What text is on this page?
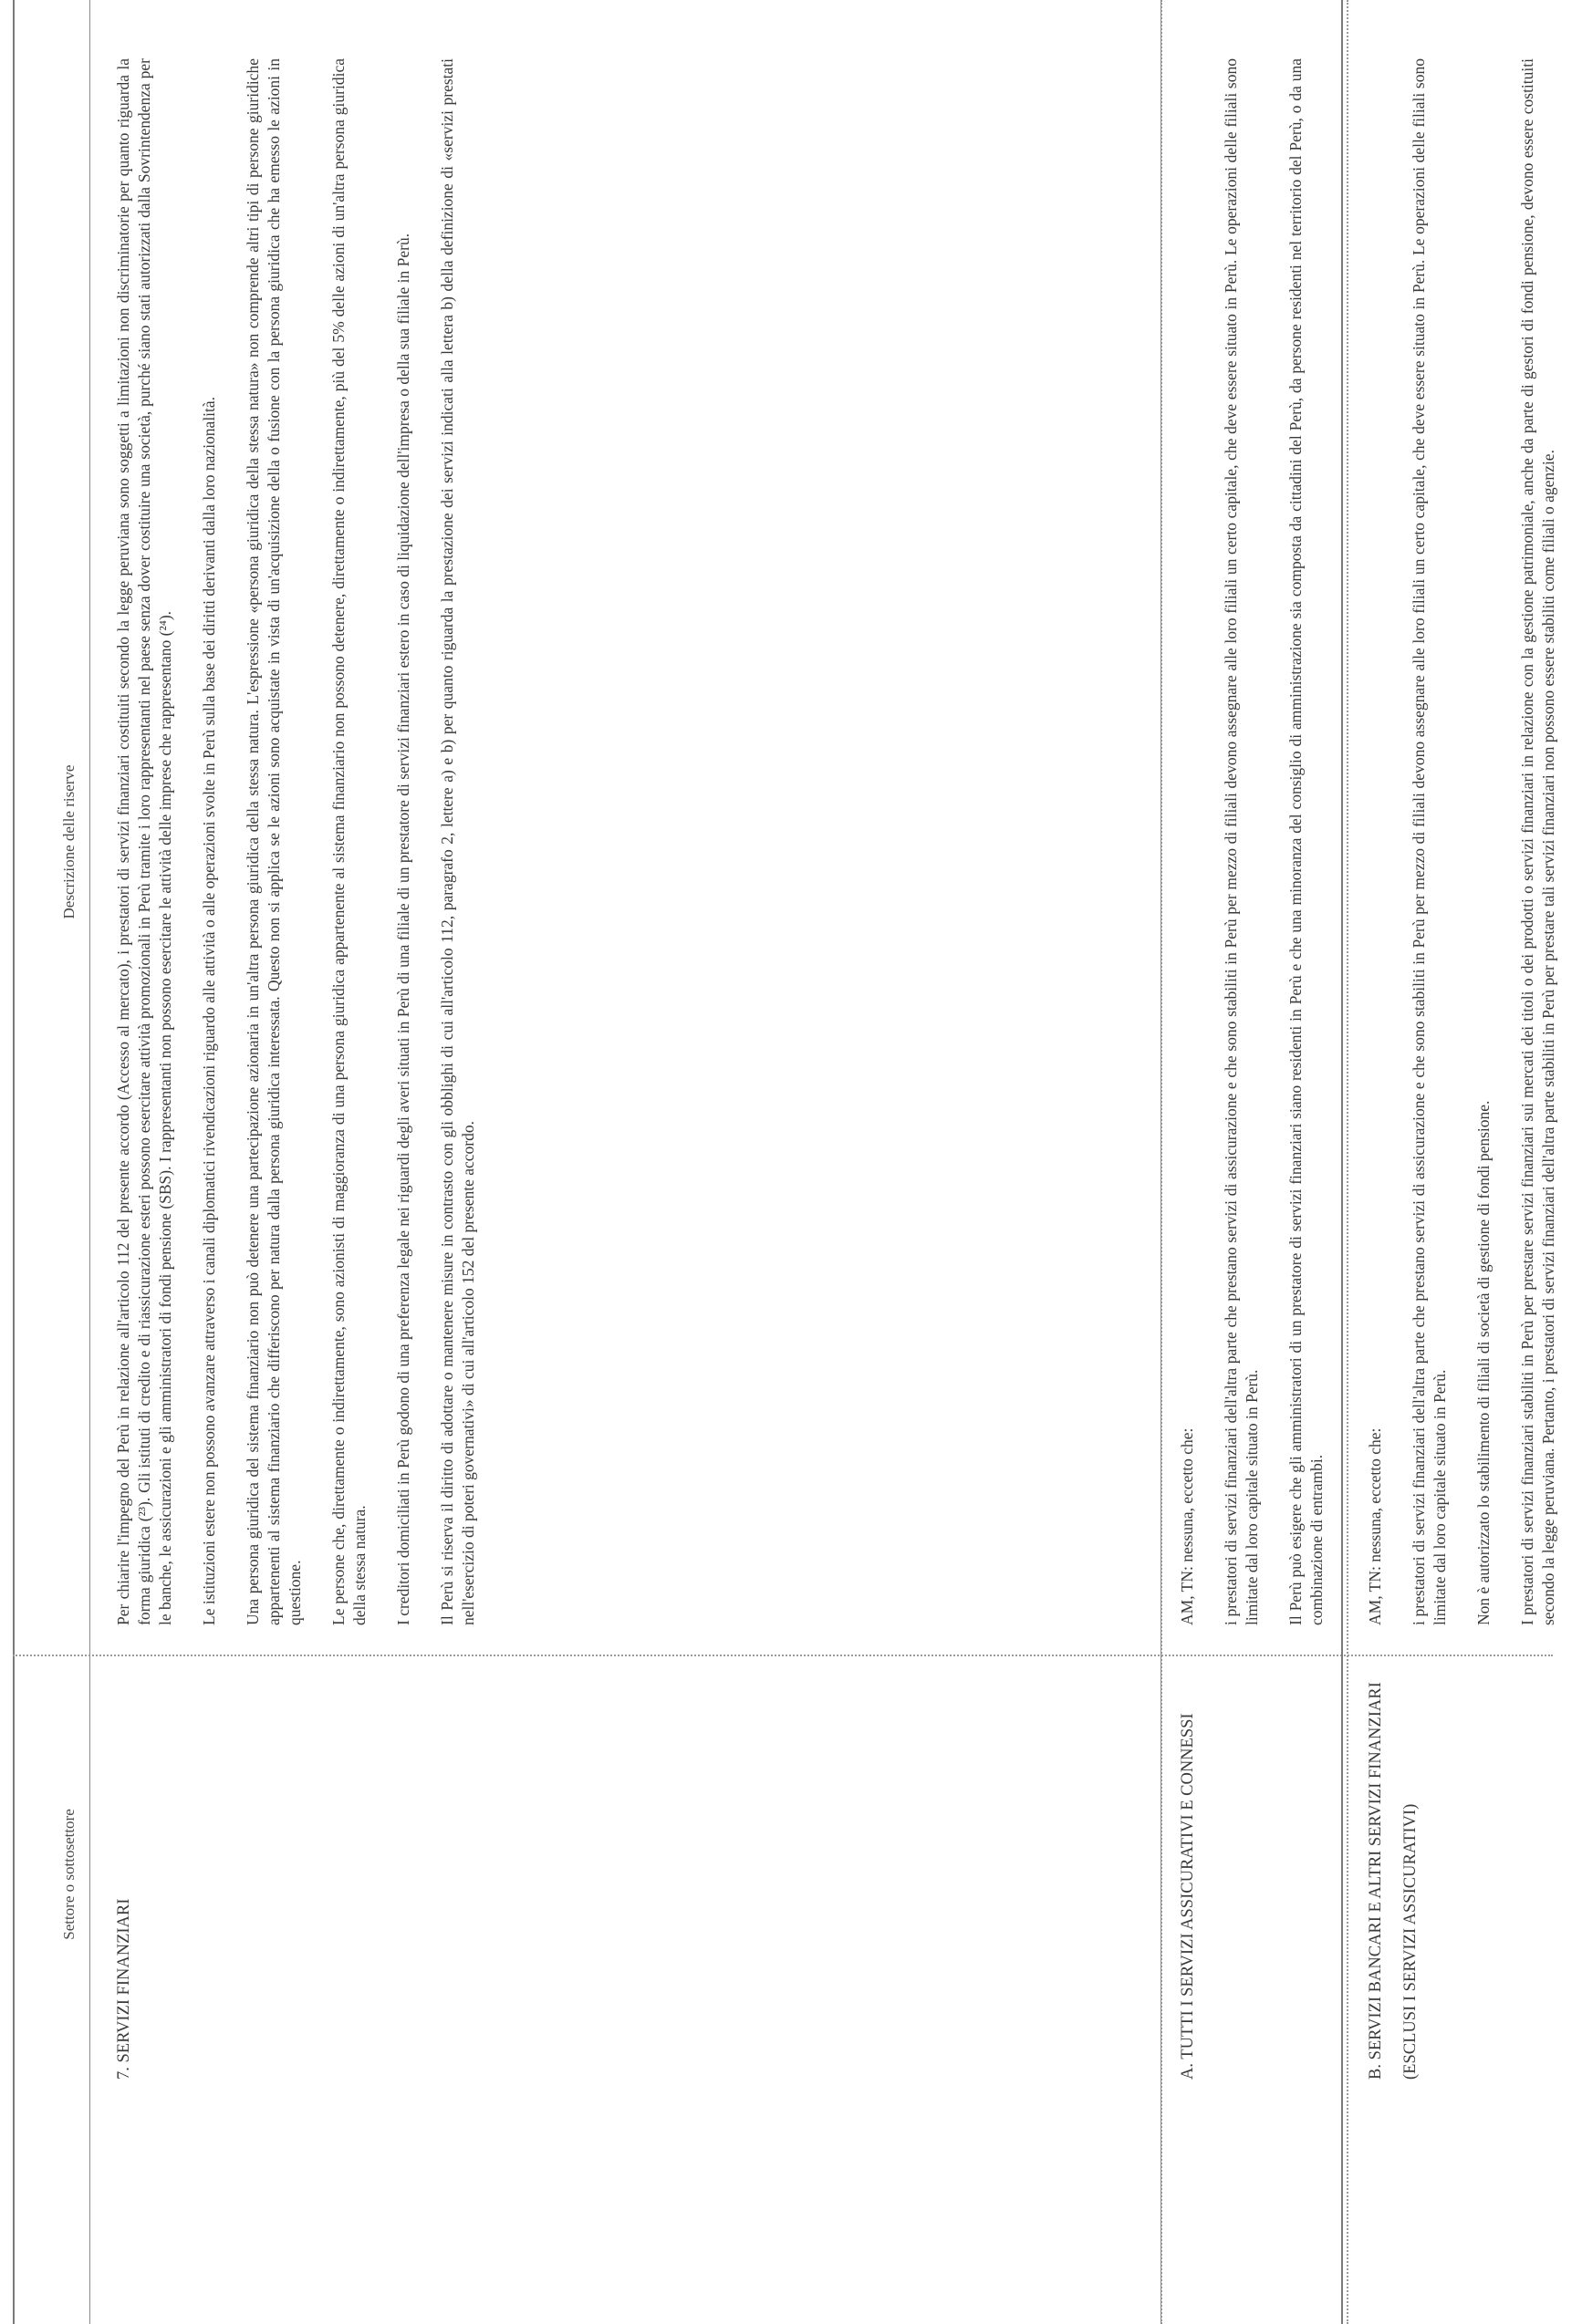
Settore o sottosettore
Descrizione delle riserve

7. SERVIZI FINANZIARI

Per chiarire l'impegno del Perù in relazione all'articolo 112 del presente accordo (Accesso al mercato), i prestatori di servizi finanziari costituiti secondo la legge peruviana sono soggetti a limitazioni non discriminatorie per quanto riguarda la forma giuridica (²³). Gli istituti di credito e di riassicurazione esteri possono esercitare attività promozionali in Perù tramite i loro rappresentanti nel paese senza dover costituire una società, purché siano stati autorizzati dalla Sovrintendenza per le banche, le assicurazioni e gli amministratori di fondi pensione (SBS). I rappresentanti non possono esercitare le attività delle imprese che rappresentano (²⁴). Le istituzioni estere non possono avanzare attraverso i canali diplomatici rivendicazioni riguardo alle attività o alle operazioni svolte in Perù sulla base dei diritti derivanti dalla loro nazionalità. Una persona giuridica del sistema finanziario non può detenere una partecipazione azionaria in un'altra persona giuridica della stessa natura. L'espressione «persona giuridica della stessa natura» non comprende altri tipi di persone giuridiche appartenenti al sistema finanziario che differiscono per natura dalla persona giuridica interessata. Questo non si applica se le azioni sono acquistate in vista di un'acquisizione della o fusione con la persona giuridica che ha emesso le azioni in questione. Le persone che, direttamente o indirettamente, sono azionisti di maggioranza di una persona giuridica appartenente al sistema finanziario non possono detenere, direttamente o indirettamente, più del 5% delle azioni di un'altra persona giuridica della stessa natura. I creditori domiciliati in Perù godono di una preferenza legale nei riguardi degli averi situati in Perù di una filiale di un prestatore di servizi finanziari estero in caso di liquidazione dell'impresa o della sua filiale in Perù. Il Perù si riserva il diritto di adottare o mantenere misure in contrasto con gli obblighi di cui all'articolo 112, paragrafo 2, lettere a) e b) per quanto riguarda la prestazione dei servizi indicati alla lettera b) della definizione di «servizi prestati nell'esercizio di poteri governativi» di cui all'articolo 152 del presente accordo.

A. TUTTI I SERVIZI ASSICURATIVI E CONNESSI

AM, TN: nessuna, eccetto che: i prestatori di servizi finanziari dell'altra parte che prestano servizi di assicurazione e che sono stabiliti in Perù per mezzo di filiali devono assegnare alle loro filiali un certo capitale, che deve essere situato in Perù. Le operazioni delle filiali sono limitate dal loro capitale situato in Perù. Il Perù può esigere che gli amministratori di un prestatore di servizi finanziari siano residenti in Perù e che una minoranza del consiglio di amministrazione sia composta da cittadini del Perù, da persone residenti nel territorio del Perù, o da una combinazione di entrambi.

B. SERVIZI BANCARI E ALTRI SERVIZI FINANZIARI (ESCLUSI I SERVIZI ASSICURATIVI)

AM, TN: nessuna, eccetto che: i prestatori di servizi finanziari dell'altra parte che prestano servizi di assicurazione e che sono stabiliti in Perù per mezzo di filiali devono assegnare alle loro filiali un certo capitale, che deve essere situato in Perù. Le operazioni delle filiali sono limitate dal loro capitale situato in Perù. Non è autorizzato lo stabilimento di filiali di società di gestione di fondi pensione. I prestatori di servizi finanziari stabiliti in Perù per prestare servizi finanziari sui mercati dei titoli o dei prodotti o servizi finanziari in relazione con la gestione patrimoniale, anche da parte di gestori di fondi pensione, devono essere costituiti secondo la legge peruviana. Pertanto, i prestatori di servizi finanziari dell'altra parte stabiliti in Perù per prestare tali servizi finanziari non possono essere stabiliti come filiali o agenzie.
